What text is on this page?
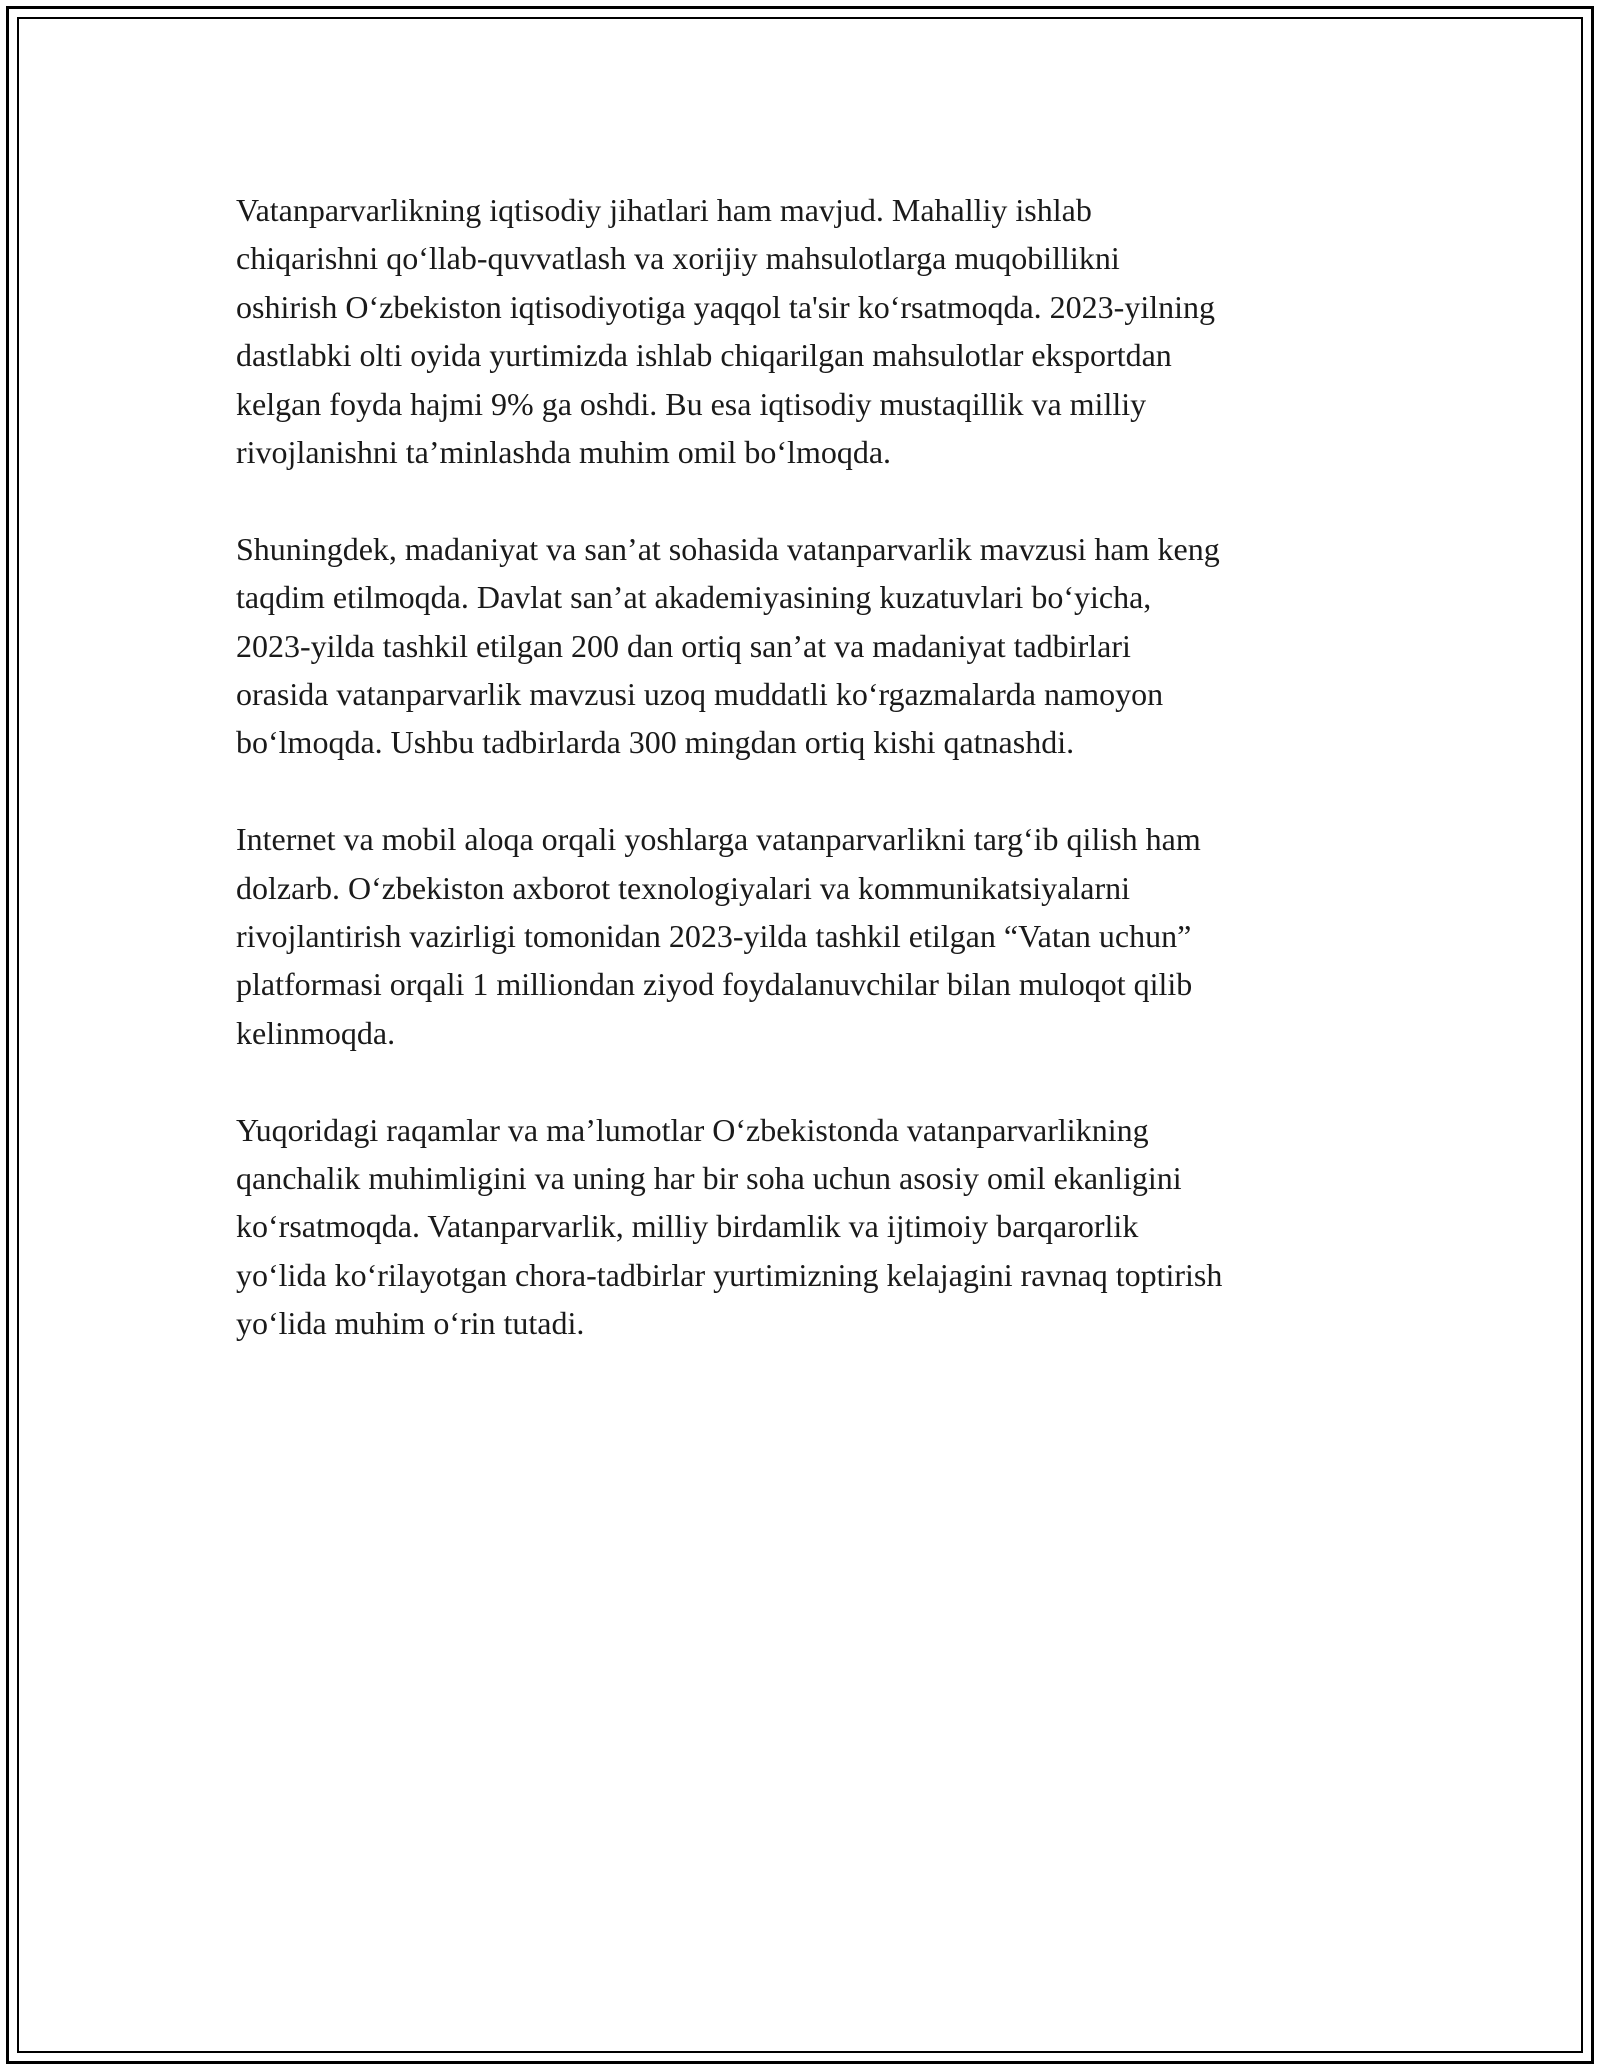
Vatanparvarlikning iqtisodiy jihatlari ham mavjud. Mahalliy ishlab
chiqarishni qo‘llab-quvvatlash va xorijiy mahsulotlarga muqobillikni
oshirish O‘zbekiston iqtisodiyotiga yaqqol ta'sir ko‘rsatmoqda. 2023-yilning
dastlabki olti oyida yurtimizda ishlab chiqarilgan mahsulotlar eksportdan
kelgan foyda hajmi 9% ga oshdi. Bu esa iqtisodiy mustaqillik va milliy
rivojlanishni ta’minlashda muhim omil bo‘lmoqda.

Shuningdek, madaniyat va san’at sohasida vatanparvarlik mavzusi ham keng
taqdim etilmoqda. Davlat san’at akademiyasining kuzatuvlari bo‘yicha,
2023-yilda tashkil etilgan 200 dan ortiq san’at va madaniyat tadbirlari
orasida vatanparvarlik mavzusi uzoq muddatli ko‘rgazmalarda namoyon
bo‘lmoqda. Ushbu tadbirlarda 300 mingdan ortiq kishi qatnashdi.

Internet va mobil aloqa orqali yoshlarga vatanparvarlikni targ‘ib qilish ham
dolzarb. O‘zbekiston axborot texnologiyalari va kommunikatsiyalarni
rivojlantirish vazirligi tomonidan 2023-yilda tashkil etilgan “Vatan uchun”
platformasi orqali 1 milliondan ziyod foydalanuvchilar bilan muloqot qilib
kelinmoqda.

Yuqoridagi raqamlar va ma’lumotlar O‘zbekistonda vatanparvarlikning
qanchalik muhimligini va uning har bir soha uchun asosiy omil ekanligini
ko‘rsatmoqda. Vatanparvarlik, milliy birdamlik va ijtimoiy barqarorlik
yo‘lida ko‘rilayotgan chora-tadbirlar yurtimizning kelajagini ravnaq toptirish
yo‘lida muhim o‘rin tutadi.
